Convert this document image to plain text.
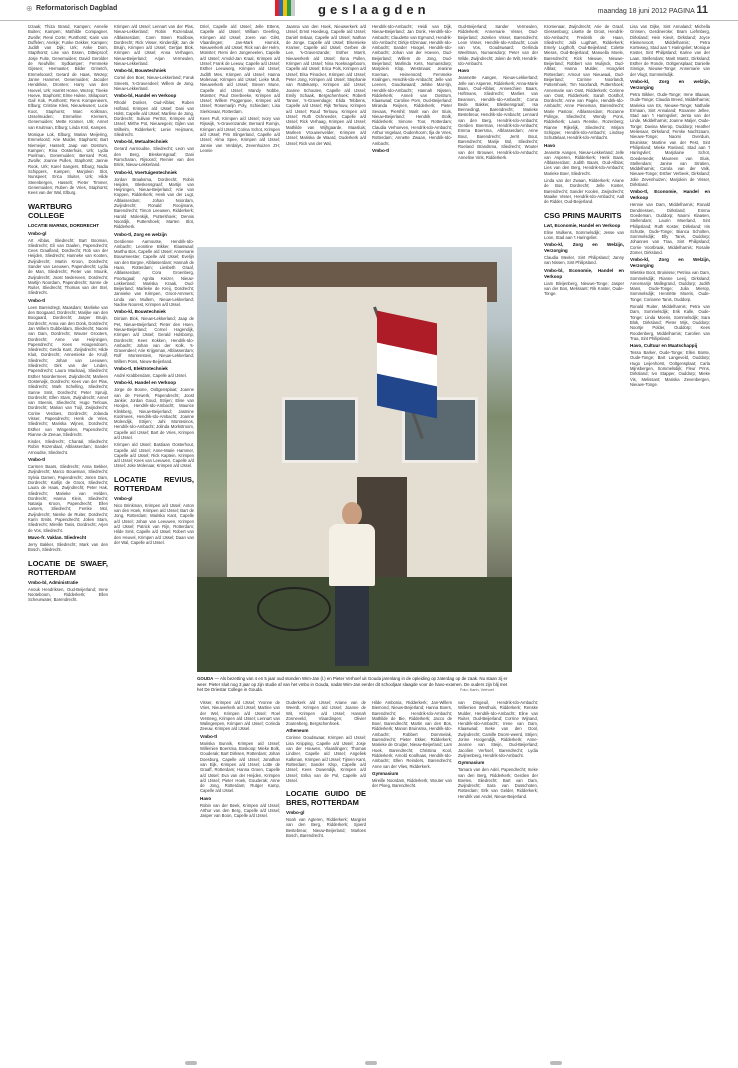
⊕ Reformatorisch Dagblad	geslaagden	maandag 18 juni 2012 PAGINA 11

Izzaak; Thiza Brand, Kampen; Annelie Buiten; Kampen; Mathilde Compagner, Zwolle; René Corte; Punthorst; Karin van Duffelen; Anekje; Funke Dekker, Kampen; Judith van Dijk; Urk; Anke Dorn, Stapthorst; Lise van Essen, Ditteiproof; Josje Fuite, Genemuiden; David Gerolder de Neufville; Sydkamper; Femmeke Gijssen; Hermaster; Bilder Grinetch, Emmelooord; Gerard de Haas, Wezep; Janne Hammer, Genemuiden; Jacoder Hendrikse, Dronten; Harry van den Hoevel, Urk; Harriët Horee, Wezep; Tineke Hoeve, Staphorst; Elme Hukse, Skilapoort; Gail Kok, Punthorst; Rens Kompenieers, Elburg; Cristine Kleis, Nieuwleusen; Lucie Koot, Staphorst; Marc Kolkman, IJsselmuiden; Emmeline Kremers, Genemuiden; Mette Kramer, Urk; Annet van Kruitman, Elburg; Linda Krol, Kampen.

Monique Lok, Elburg; Marian Meijering, Emmeloord; Arie Mulder, Staphorst; Bart Niemeijer, Hasselt; Jaap van Oostrom, Kampen; Rina Oosterhuis, Urk; Lydia Poelman, Genemuiden; Bernard Post, Zwolle; Joanne Pullen, Staphorst; Jannie Rook, Urk; Karel Sangers, Elburg; Nadia Schippers, Kampen; Marjolein Slot, Nunspeet; Erica Sluiter, Urk; Hilde Steenbergen, Hasselt; Pieter Timmer, Genemuiden; Ruben de Vries, Staphorst; Kees van der Wal, Elburg.

WARTBURG COLLEGE
LOCATIE MARNIX, DORDRECHT
Vmbo-gl

Art Alblas, Sliedrecht; Bart Booman, Sliedrecht; Eli van Daalen, Papendrecht; Cees Graafland, Dordrecht; Rob van der Heijden, Sliedrecht; Hanneke van Kooten, Zwijndrecht; Martin Kroon, Dordrecht; Sander van Leeuwen, Papendrecht; Lydia de Man, Sliedrecht; Pieter van Mourik, Zwijndrecht; Joost Nederveen, Dordrecht; Martijn Noordam, Papendrecht; Sanne de Ruiter, Sliedrecht; Thomas van der Stel, Sliedrecht.

Vmbo-tl

Leen Barendregt, Maasdam; Marlieke van den Boogaard, Dordrecht; Marijke van den Boogaard, Dordrecht; Jasper Bruijn, Dordrecht; Anna van den Donk, Dordrecht; Jan Willem Dubbeldam, Sliedrecht; Naomi van Dam, Dordrecht; Wouter Grooters, Dordrecht; Anne van Heijningen, Papendrecht; Kees Hoogendoorn, Sliedrecht; Gerda Kant, Zwijndrecht; Hilde Kluit, Dordrecht; Annemieke de Kruijf, Sliedrecht; Johan van Leeuwen, Sliedrecht; Dirk van der Linden, Papendrecht; Laura Mackaaij, Sliedrecht; Esther Noordermeer, Zwijndrecht; Marleen Oosterwijk, Dordrecht; Kees van der Plas, Sliedrecht; Mark Schelling, Sliedrecht; Sanne Smit, Dordrecht; Peter Spruijt, Dordrecht; Ellen Stam, Zwijndrecht; Annet van Steenis, Sliedrecht; Hugo Terlouw, Dordrecht; Marian van Tuijl, Zwijndrecht; Corine Verdoes, Dordrecht; Jolanda Visser, Papendrecht; Henk de Vries, Sliedrecht; Mariska Wijnen, Dordrecht; Esther van Wingerden, Papendrecht; Rianne de Zeeuw, Sliedrecht.

Kinder, Sliedrecht; Chantal, Sliedrecht; Robin Rozendaal, Alblasserdam; Sander Arnoudse, Sliedrecht.

Vmbo-tl

Carmen Baars, Sliedrecht; Anna Bekker, Zwijndrecht; Marco Bouwman, Sliedrecht; Sylvia Damen, Papendrecht; Jorien Dam, Dordrecht; Karlijn de Groot, Sliedrecht; Laura de Haas, Zwijndrecht; Peter Hak, Sliedrecht; Marieke van Helden, Dordrecht; Hanna Klein, Sliedrecht; Natasja Kroon, Papendrecht; Ellen Lamers, Sliedrecht; Femke Mol, Zwijndrecht; Nienke de Ruiter, Dordrecht; Karin Smits, Papendrecht; Jolien Stam, Sliedrecht; Mireille Tanis, Dordrecht; Arjen de Vos, Sliedrecht.

Mavo-fr. Vaklan. Sliedrecht

Jerry Bakker, Sliedrecht; Mark van den Bosch, Sliedrecht.

LOCATIE DE SWAEF, ROTTERDAM
Vmbo-bl, Administratie

Anouk Hendriksen, Oud-Beijerland; Irene Nooteboom, Ridderkerk; Ellen Scheurwater, Barendrecht.

Krimpen a/d IJssel; Lennart van der Plas, Nieuw-Lekkerland; Robin Rozendaal, Alblasserdam; Coen Steen Rodibow, Dordrecht; Rick Visser, Kinderdijk; Jan de Bruijn, Krimpen a/d IJssel; Gertjan Blok, Krimpen a/d IJssel; Anna Verhagen, Nieuw-Beijerland; Arjan Vermeulen, Nieuw-Lekkerland.

Vmbo-bl, Bouwtechniek

Corné den Boer, Nieuw-Lekkerland; Faruk Smeets, 's-Gravendeel; Willem de Jong, Nieuw-Lekkerland.

Vmbo-bl, Handel en Verkoop

Rhodé Donker, Oud-Alblas; Ruben Hofland, Krimpen a/d IJssel; Dani van Holst, Capelle a/d IJssel; Marlène de Jong, Dordrecht; Sulivan Pertrot, Krimpen a/d IJssel; Mirthe Pot, Nieuwegein; Gijlen van Wilhelm, Ridderkerk; Lenie Heijmans, Sliedrecht.

Vmbo-bl, Metaaltechniek

Gerard Aarnoudse, Sliedrecht; Leon van den Berg, Bleskensgraaf; Dani Ramcharan, Rijsoord; Reinier van den Brink, Nieuw-Lekkerland.

Vmbo-kl, Voertuigentechniek

Jordan Braaksma, Dordrecht; Robin Heijden, Bleskensgraaf; Martijn van Heijningen, Nieuw-Beijerland; Arie van Koppen, Ridderkerk; Henk van der Lugt, Alblasserdam; Johan Noordam, Zwijndrecht; Ronald Rooijmans, Barendrecht; Timon Leeuwen, Ridderkerk; Harold Molenkijk, Puttershoek; Dennis Noordijk, Puttershoek; Marten Slot, Ridderkerk.

Vmbo-tl, Zorg en welzijn

Gerdienne Aarnoutse, Hendrik-Ido-Ambacht; Leonitine Bikker, Klaaswaal; Martha Bos, Capelle a/d IJssel; Annemarie Bouwmeester, Capelle a/d IJssel; Evelijn van den Borgne, Alblasserdam; Hannah de Haan, Rotterdam; Liesbeth Graaf, Alblasserdam; Cora Groenberg, Poortugaal; Agnita Keizer, Nieuw-Lekkerland; Mariska Kraak, Oud-Beijerland; Marlieke de Kreij, Dordrecht; Jannieke van Krimpen, Groot-Ammers; Linda van Mullem, Nieuw-Lekkerland; Nadine Noorest, Krimpen a/d IJssel.

Vmbo-kl, Bouwtechniek

Dirriam Blok, Nieuw-Lekkerland; Jaap de Pet, Nieuw-Beijerland; Pieter den Hoen, Nieuw-Beijerland; Cornel Hagendijk, Krimpen a/d IJssel; Gerald Hulsbomp, Dordrecht; Kees Kokken, Hendrik-Ido-Ambacht; Johan van der Kolk, 's-Gravendeel; Arie Krijgsman, Alblasserdam; Rolf Montenstein, Nieuw-Lekkerland; Willem Pons, Nieuw-Beijerland.

Vmbo-tl, Elektrotechniek

André Krabbendam, Capelle a/d IJssel.

Vmbo-kl, Handel en Verkoop

Jorge de Boone, Ooltgensplaat; Joanne van de Ferwerk, Papendrecht; Joost Jankie; Jordan Goud, Strijen; Elise van Hooijen, Hendrik-Ido-Ambacht; Maurice Klinkberg, Nieuw-Beijerland; Jasmine Koolmees, Hendrik-Ido-Ambacht; Joanne Molendijk, Strijen; Jahi Montesinos, Hendrik-Ido-Ambacht; Jolinda Morkstroom, Capelle a/d IJssel; Bart de Vries, Krimpen a/d IJssel.

Krimpen a/d IJssel; Bastiaan Oosterhout, Capelle a/d IJssel; Anne-Marie Hammer, Capelle a/d IJssel; Rick Kaptein, Krimpen a/d IJssel; Kees van Leeuwen, Capelle a/d IJssel; Joke Molenaar, Krimpen a/d IJssel.

LOCATIE REVIUS, ROTTERDAM
Vmbo-gl

Nico Brinkman, Krimpen a/d IJssel; Anton van den Hoek, Krimpen a/d IJssel; Bart de Jong, Rotterdam; Mariska Kant, Capelle a/d IJssel; Johan van Leeuwen, Krimpen a/d IJssel; Patrick van Rijn, Rotterdam; Hilde Smit, Capelle a/d IJssel; Robert van den Heuvel, Krimpen a/d IJssel; Daan van der Wal, Capelle a/d IJssel.

Driel, Capelle a/d IJssel; Jelle Ettens, Capelle a/d IJssel; William Geerling, Krimpen a/d IJssel; Joere van Gilst, Vlaardingen; Jan-Mark Harnick, Nieuwerkerk a/d IJssel; Rick van der Helm, Münster; Remi den Jongeneelen, Capelle a/d IJssel; Arnold-Jan Kraal, Krimpen a/d IJssel; Frank de Leeuw, Capelle a/d IJssel; Esther Leeuwerg, Krimpen a/d IJssel; Judith Mes, Krimpen a/d IJssel; Hanna Molenaar, Krimpen a/d IJssel; Lieke Mult, Nieuwerkerk a/d IJssel; Steven Mune, Capelle a/d IJssel; Mandy Nobbe, Münster; Paul Overbeeke, Krimpen a/d IJssel; Willem Poggenpoe, Krimpen a/d IJssel; Rosemarijn Poly, Schiedam; Lisa Sierkovaar, Rotterdam.

Kees Pull, Krimpen a/d IJssel; Ivory van Rijswijk, 's-Gravenzande; Bernard Romijn, Krimpen a/d IJssel; Corina Schot, Krimpen a/d IJssel; Pim Slingerland, Capelle a/d IJssel; Alma Spee, Krimpen a/d IJssel; Jannie van Verdalys, Zevenhuizen ZH; Leonie

Jaanna van den Hoek, Nieuwerkerk a/d IJssel; Ernst Hoedeug, Capelle a/d IJssel; Daniël Inslaar, Capelle a/d IJssel; Nathan de Jonge, Capelle a/d IJssel; Elsemieke Kramer, Capelle a/d IJssel; Gerben de Lee, 's-Gravenzande; Esther Marrit, Nieuwerkerk a/d IJssel; Ilona Pullen, Krimpen a/d IJssel; Nina Noeknageboom, Capelle a/d IJssel; Erica Pols, Krimpen a/d IJssel; Elsa Pinocker, Krimpen a/d IJssel; Peter Jong, Krimpen a/d IJssel; Stephanie van Rattekamp, Krimpen a/d IJssel; Joanne Schouten, Capelle a/d IJssel; Emily Schaak, Bergschenhoek; Roberti Tanner, 's-Gravendage; Elida Tebbens, Capelle a/d IJssel; Rijk Terlouw, Krimpen a/d IJssel; Ruud Terlouw, Krimpen a/d IJssel; Ruth Ochneeder, Capelle a/d IJssel; Rick Verhaag, Krimpen a/d IJssel; Mathilde van Wijhgaarde, Maasluis; Marleen Vrouwenvelder, Krimpen a/d IJssel; Mariska de Waard, Ouderkerk a/d IJssel; Rick van der Wal,

Hendrik-Ido-Ambacht; Heidi van Dijk, Nieuw-Beijerland; Jan Donk, Hendrik-Ido-Ambacht; Claudette van Egmond, Hendrik-Ido-Ambacht; Dirkje Elzenaar, Hendrik-Ido-Ambacht; Sander Hoogel, Hendrik-Ido-Ambacht; Johan van der Hoeven, Oud-Beijerland; Willem de Jong, Oud-Beijerland; Marlinda Kets, Numansdorp; Marjolein Klop, Westmaas; Jeanine Koeman, Heinenoord; Femmeke Kralingen, Hendrik-Ido-Ambacht; Jelle van Leenen, Goudswaard; Jelske Mar-tijn, Hendrik-Ido-Ambacht; Hannah Nijssen, Ridderkerk; Anneli van Oostrum, Klaaswaal; Caroline Pors, Oud-Beijerland; Miranda Reijnen, Ridderkerk; Pieter Sevaas, Piershil; Marit van der Sluis, Nieuw-Beijerland; Hendrik Stolk, Ridderkerk; Simone Toor, Rotterdam; Claudia Verhoeven, Hendrik-Ido-Ambacht; Arthur Vegelaar, Oudenhoorn; Ilja de Vries, Rotterdam; Annette Zwaan, Hendrik-Ido-Ambacht.

Vmbo-tl

Oud-Beijerland; Sander Vermeulen, Ridderkerk; Annemarie Visser, Oud-Beijerland; Jozelien Visser, Barendrecht; Leon Visser, Hendrik-Ido-Ambacht; Louis van Vos, Goudswaard; Gerlinda Weeltman, Numansdorp; Peter van der Wilde, Zwijndrecht; Jolein de Wilt, Hendrik-Ido-Ambacht.

Havo

Jeannette Aangen, Nieuw-Lekkerland; Jelle van Asperen, Ridderkerk; Anna-Marie Baan, Oud-Alblas; Anneschien Baars, Hoftmans, Sliedrecht; Marlies van Beannen, Hendrik-Ido-Ambacht; Corna Bede Bakker, Bleskensgraaf; Isa Bennedingt, Barendrecht; Marieke Bestebreur, Hendrik-Ido-Ambacht; Lennard van den Berg, Hendrik-Ido-Ambacht; Gerdien Boerman, Hendrik-Ido-Ambacht; Emma Boersma, Alblasserdam; Anne Bout, Barendrecht; Jerrit Bout, Barendrecht; Marije Bol, Sliedrecht; Roeland Brandsma, Sliedrecht; Wouter van der Brouwer, Hendrik-Ido-Ambacht; Anneline Vink, Ridderkerk.

Kromenaar, Zwijndrecht; Arie de Graaf, Giessenburg; Lisette de Groot, Hendrik-Ido-Ambacht; Frederik de Haan, Sliedrecht; Jobi Lugthart, Ridderkerk; Emely Lugthoft, Oud-Beijerland; Colette Mieras, Oud-Beijerland; Manuella Moele, Barendrecht; Rick Nieuwe, Nieuwe-Beijerland; Robbert van Mulijnck, Oud-Alblas; Hanna Mulder, Hoogvliet Rotterdam; Arnout van Nieuwaal, Oud-Beijerland; Corinne Noorlandt, Puttershoek; Tim Noorlandt, Puttershoek; Annemarie van Oost, Ridderkerk; Corinne van Oost, Ridderkerk; Sarah Oosthof, Dordrecht; Anne van Pagée, Hendrik-Ido-Ambacht; Anne Pieneman, Barendrecht; Marie Pastoor, Alblasserdam; Rozanne Polinge, Sliedrecht; Wendy Pons, Ridderkerk; Laura Renske, Rozenberg; Rianne Rijkelijk, Sliedrecht; Mirjam Schipper, Hendrik-Ido-Ambacht; Lindsey Schuttelaar, Hendrik-Ido-Ambacht.

Havo

Jeanette Aangen, Nieuw-Lekkerland; Jelle van Asperen, Ridderkerk; Henk Baas, Alblasserdam; Judith Baars, Oud-Alblas; Lies van den Berg, Hendrik-Ido-Ambacht; Marieke Boer, Sliedrecht.

Linda van der Zwaan, Ridderkerk; Ariane de Bos, Dordrecht; Jelle Koster, Barendrecht; Sander Koolen, Zwijndrecht; Maaike Visser, Hendrik-Ido-Ambacht; Aalt de Ridder, Oud-Beijerland.

CSG PRINS MAURITS
Lwt, Economie, Handel en Verkoop

Eline Mulkens, Sommelsdijk; Jesse van Loon, Stad aan 't Haringvliet.

Vmbo-kl, Zorg en Welzijn, Verzorging

Claudia Meeler, Sint Philipsland; Janny van Nissen, Sint Philipsland.

Vmbo-bl, Economie, Handel en Verkoop

Liam Bleijenberg, Nieuwe-Tonge; Jasper van der Bos, Melissant; Rik Koster, Oude-Tonge.

Lisa van Dijke, Sint Annaland; Michella Grinsen, Gerdineroke; Bram Liefmberg, Dirksland; Hein Kievit, Dirksland; Joyce Kleinenvoort, Middelharnis; Petra Korteweg, Stad aan 't Haringvliet; Monique Koster, Sint Philipsland; Karine van der Laan, Stellendam; Marit Mantz, Dirksland; Esther de Ronde, Ooltgensplaat; Danielle Sinnige, Nieuwe-Tonge; Annemarie van der Vlugt, Sommelsdijk.

Vmbo-kl, Zorg en welzijn, Verzorging

Petra Bikker, Oude-Tonge; Irene Blaauw, Oude-Tonge; Claudia Breed, Middelharnis; Marieka van Es, Nieuwe-Tonge; Nathalie Ermaan, Sint Annaland; Roxanne Jellee, Stad aan 't Haringvliet; Jenta van der Linde, Middelharnis; Joanne Maljer, Oude-Tonge; Davina Mierop, Ouddorp; Heather Meliesaar, Dirksland; Femke Nachtzaam, Nieuwe-Tonge; Naomi Overduin, Bruinisse; Martine van der Pest, Sint Philipsland; Mieke Roeland, Stad aan 't Haringvliet; Marjolaine Schot, Goedereede; Maureen van Sluis, Stellendam; Janine van Stratien, Middelharnis; Carola van der Valk, Nieuwe-Tonge; Esther Verbeek, Dirksland; Jolie Zevenhuizen; Marjolein de Visser, Dirksland.

Vmbo-tl, Economie, Handel en Verkoop

Hennie van Dam, Middelharnis; Ronald Dendriessen, Dirksland; Emma Goedeman, Ouddorp; Naomi Klaasen, Stellendam; Laurin Moerland, Sint Philipsland; Ruth Koster, Dirksland; Iris Schutte, Oude-Tonge; Bianca Scholten, Sommelsdijk; Elly Tanis, Ouddorp; Johannes van Traa, Sint Philipsland; Corrie Voorbraak, Middelharnis; Rosalie Zomer, Dirksland.

Vmbo-kl, Zorg en Welzijn, Verzorging

Wietske Boot, Bruinisse; Petrina van Dam, Sommelsdijk; Rianne Leeij, Dirksland; Annemarijn Mallegrand, Ouddorp; Judith Mans, Oude-Tonge; Julia Mierop, Sommelsdijk; Henriëtte Moeris, Oude-Tonge; Corianne Tanis, Ouddorp.

Ronald Ruiter, Middelharnis; Petra van Dam, Sommelsdijk; Erik Kalle, Oude-Tonge; Linda Moeris, Sommelsdijk; Sara Blok, Dirksland; Pieter Mijs, Ouddorp; Noortje Polder, Ouddorp; Kees Roodenberg, Middelharnis; Carolien van Traa, Sint Philipsland.

Havo, Cultuur en Maatschappij

Tessa Barker, Oude-Tonge; Ellen Bonte, Oude-Tonge; Bart Langeveld, Ouddorp; Hugo Leijenhorst, Ooltgensplaat; Carla Mijnsbergen, Sommelsdijk; Fleur Prins, Dirksland; Ivo Stapper, Ouddorp; Mieke Vis, Melissant; Mariska Zevenbergen, Nieuwe-Tonge.

GOUDA — Als bezetting van 4 en 5 jaar oud stonden Wim-Jan (l.) en Pieter Verhoef uit Gouda jarenlang in de opleiding op zaterdag op de zaak. Nu staan zij er weer. Pieter sluit nog 3 jaar op zijn studie af van het vmbo in Gouda, nadat Wim-Jan eerder dit schooljaar slaagde voor de havo-examen. De ouders zijn blij met het De Driestar College in Gouda.	Foto: Karin, Verhoef

Visser, Krimpen a/d IJssel; Yvonne de Vries, Nieuwerkerk a/d IJssel; Martine van der Wel, Krimpen a/d IJssel; Roel Versteeg, Krimpen a/d IJssel; Lennart van Walingenpen, Krimpen a/d IJssel; Corinda Zeeuw, Krimpen a/d IJssel.

Vmbo-tl

Mariska Bunnik, Krimpen a/d IJssel; Willemien Boersma, Boskoop; Mieke Bolk, Gouderak; Bart Dirksen, Rotterdam; Johan Doesburg, Capelle a/d IJssel; Jonathan van Eijk, Krimpen a/d IJssel; Lotte de Graaff, Rotterdam; Hanna Groen, Capelle a/d IJssel; Eva van der Heijden, Krimpen a/d IJssel; Pieter Hoek, Gouderak; Anne de Jong, Rotterdam; Rutger Kamp, Capelle a/d IJssel.

Havo

Robin van der Beek, Krimpen a/d IJssel; Arthur van den Berg, Capelle a/d IJssel; Jasper van Boon, Capelle a/d IJssel.

Ouderkerk a/d IJssel; Ariane van de Weerdt, Krimpen a/d IJssel; Joanne de Wit, Krimpen a/d IJssel; Hannah Zonneveld, Vlaardingen; Olivier Zoutenberg, Bergschenhoek.

Atheneum

Corinne Goudswaar, Krimpen a/d IJssel; Lisa Knipping, Capelle a/d IJssel; Josje van der Houwen, Vlaardingen; Thomas Lindner, Capelle a/d IJssel; Angeliek Kalkman, Krimpen a/d IJssel; Tijmen Kant, Rotterdam; Sander Klop, Capelle a/d IJssel; Kees Ouwendijk, Krimpen a/d IJssel; Erika van de Pol, Capelle a/d IJssel.

LOCATIE GUIDO DE BRES, ROTTERDAM
Vmbo-gl

Noah van Agteren, Ridderkerk; Margriet van den Berg, Ridderkerk; Sjoerd Bestebreur, Nieuw-Beijerland; Marloes Bosch, Barendrecht.

Hilde Ambonia, Ridderkerk; Jan-Willem Biemond, Nieuw-Beijerland; Hanna Boers, Barendrecht; Hendrik-Ido-Ambacht; Mathilde de Bie, Ridderkerk; Jacco de Boer, Barendrecht; Martin van den Bos, Ridderkerk; Manon Bruinsma, Hendrik-Ido-Ambacht; Robbert Dommelak, Barendrecht; Pieter Ekker, Ridderkerk; Marieke de Gruijter, Nieuw-Beijerland; Lars Hoek, Barendrecht; Christina Kool, Ridderkerk; Arnold Koolhaas, Hendrik-Ido-Ambacht; Ellen Reinders, Barendrecht; Anne van der Vlies, Ridderkerk.

Gymnasium

Mireille Noordam, Ridderkerk; Wouter van der Ploeg, Barendrecht.

van Dingeuil, Hendrik-Ido-Ambacht; Willemien Westhuis, Ridderkerk; Renske Mulder, Hendrik-Ido-Ambacht; Eline van Ruiter, Oud-Beijerland; Corrine Wijnand, Hendrik-Ido-Ambacht; Irene van Dam, Klaaswaal; Ineke van den Dool, Zwijndrecht; Camille Doorn-weerd, Strijen; Jorine Hoogendijk, Ridderkerk; Anne-Jeanne van Steijn, Oud-Beijerland; Jacolien Verhoef, Barendrecht; Lydia Zwijnenberg, Hendrik-Ido-Ambacht.

Gymnasium

Tamara van den Adel, Papendrecht; Ineke van den Berg, Ridderkerk; Gerdien der Boeten, Sliedrecht; Bart van Dam, Zwijndrecht; Sara van Dusschoten, Rotterdam; Erik van Gelder, Ridderkerk; Hendrik van Andel, Nieuw-Beijerland.
